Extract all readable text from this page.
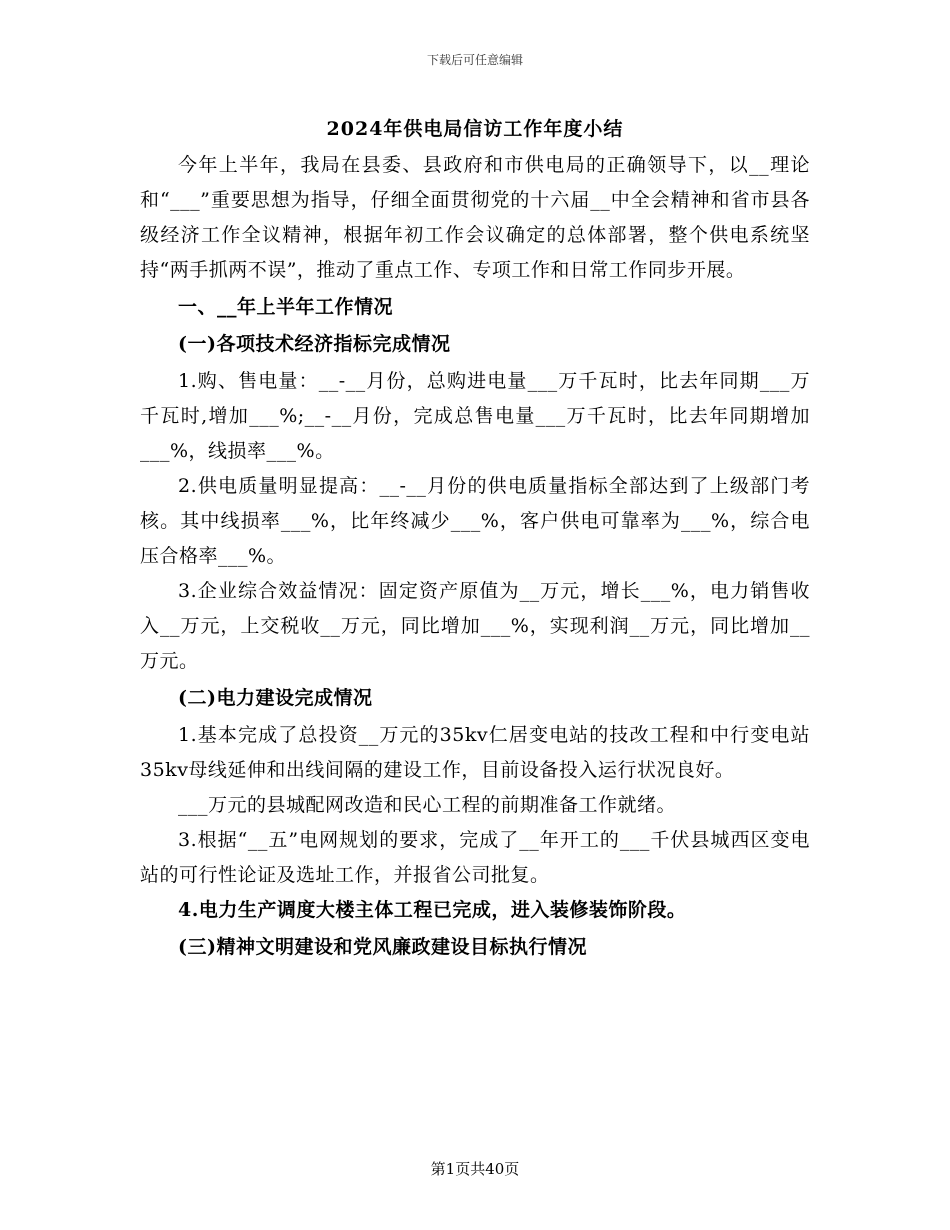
下载后可任意编辑
2024年供电局信访工作年度小结

今年上半年，我局在县委、县政府和市供电局的正确领导下，以__理论和“___”重要思想为指导，仔细全面贯彻党的十六届__中全会精神和省市县各级经济工作全议精神，根据年初工作会议确定的总体部署，整个供电系统坚持“两手抓两不误”，推动了重点工作、专项工作和日常工作同步开展。

一、__年上半年工作情况

(一)各项技术经济指标完成情况

1.购、售电量：__-__月份，总购进电量___万千瓦时，比去年同期___万千瓦时,增加___%;__-__月份，完成总售电量___万千瓦时，比去年同期增加___%，线损率___%。

2.供电质量明显提高：__-__月份的供电质量指标全部达到了上级部门考核。其中线损率___%，比年终减少___%，客户供电可靠率为___%，综合电压合格率___%。

3.企业综合效益情况：固定资产原值为__万元，增长___%，电力销售收入__万元，上交税收__万元，同比增加___%，实现利润__万元，同比增加__万元。

(二)电力建设完成情况

1.基本完成了总投资__万元的35kv仁居变电站的技改工程和中行变电站35kv母线延伸和出线间隔的建设工作，目前设备投入运行状况良好。

___万元的县城配网改造和民心工程的前期准备工作就绪。

3.根据“__五”电网规划的要求，完成了__年开工的___千伏县城西区变电站的可行性论证及选址工作，并报省公司批复。

4.电力生产调度大楼主体工程已完成，进入装修装饰阶段。

(三)精神文明建设和党风廉政建设目标执行情况

第1页共40页
